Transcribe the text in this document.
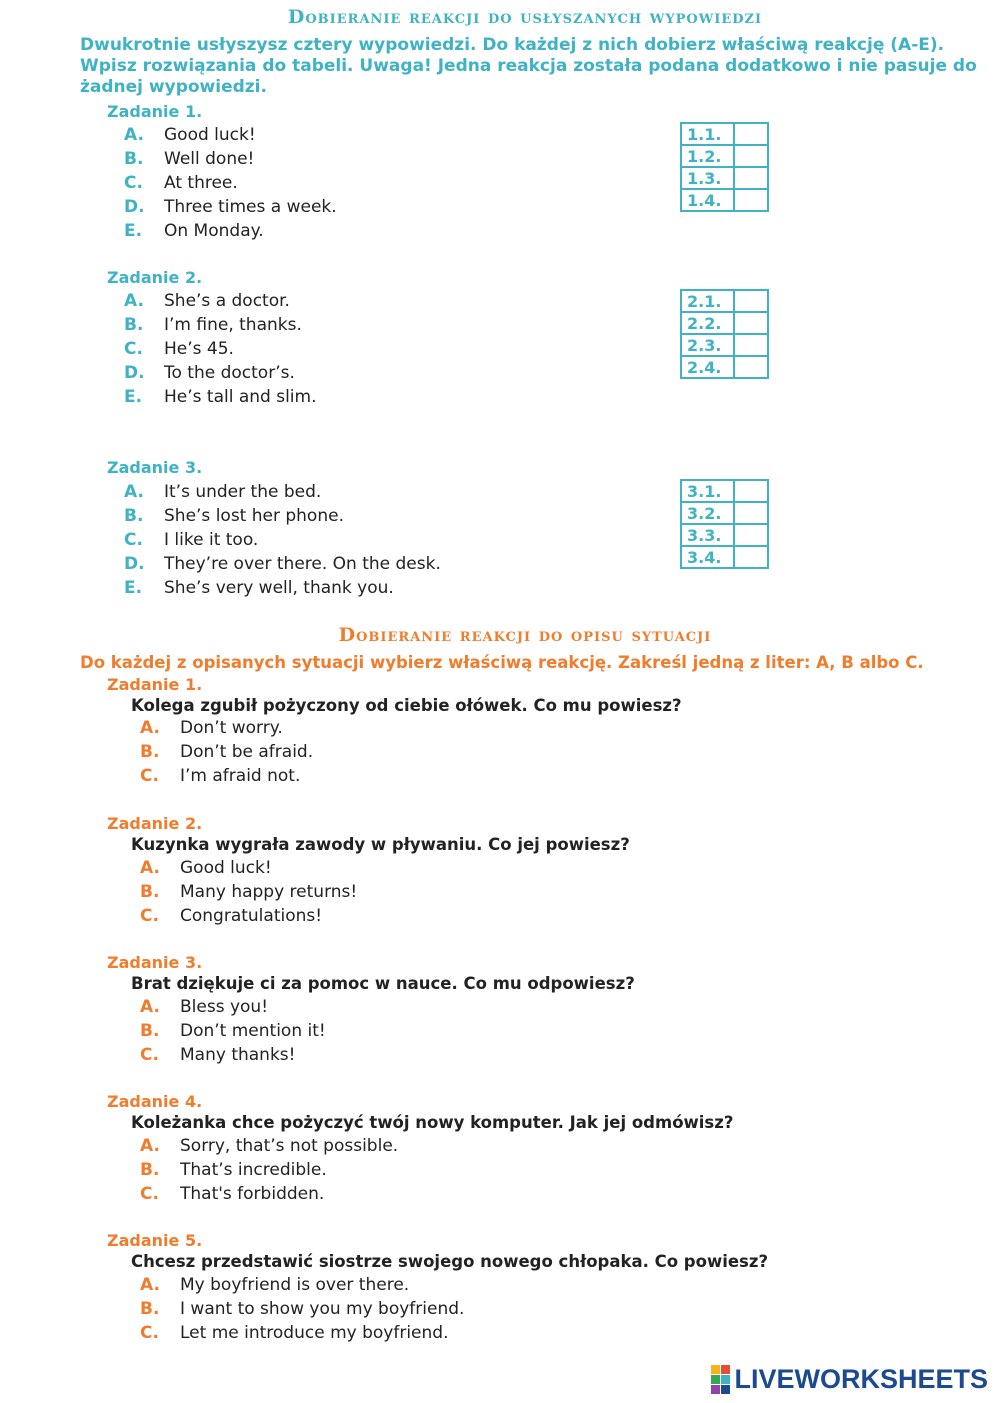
Dobieranie reakcji do usłyszanych wypowiedzi
Dwukrotnie usłyszysz cztery wypowiedzi. Do każdej z nich dobierz właściwą reakcję (A-E).
Wpisz rozwiązania do tabeli. Uwaga! Jedna reakcja została podana dodatkowo i nie pasuje do
żadnej wypowiedzi.
Zadanie 1.
A. Good luck!
B. Well done!
C. At three.
D. Three times a week.
E. On Monday.
1.1.	
1.2.	
1.3.	
1.4.	
Zadanie 2.
A. She’s a doctor.
B. I’m fine, thanks.
C. He’s 45.
D. To the doctor’s.
E. He’s tall and slim.
2.1.	
2.2.	
2.3.	
2.4.	
Zadanie 3.
A. It’s under the bed.
B. She’s lost her phone.
C. I like it too.
D. They’re over there. On the desk.
E. She’s very well, thank you.
3.1.	
3.2.	
3.3.	
3.4.	
Dobieranie reakcji do opisu sytuacji
Do każdej z opisanych sytuacji wybierz właściwą reakcję. Zakreśl jedną z liter: A, B albo C.
Zadanie 1.
Kolega zgubił pożyczony od ciebie ołówek. Co mu powiesz?
A. Don’t worry.
B. Don’t be afraid.
C. I’m afraid not.
Zadanie 2.
Kuzynka wygrała zawody w pływaniu. Co jej powiesz?
A. Good luck!
B. Many happy returns!
C. Congratulations!
Zadanie 3.
Brat dziękuje ci za pomoc w nauce. Co mu odpowiesz?
A. Bless you!
B. Don’t mention it!
C. Many thanks!
Zadanie 4.
Koleżanka chce pożyczyć twój nowy komputer. Jak jej odmówisz?
A. Sorry, that’s not possible.
B. That’s incredible.
C. That's forbidden.
Zadanie 5.
Chcesz przedstawić siostrze swojego nowego chłopaka. Co powiesz?
A. My boyfriend is over there.
B. I want to show you my boyfriend.
C. Let me introduce my boyfriend.
LIVEWORKSHEETS
